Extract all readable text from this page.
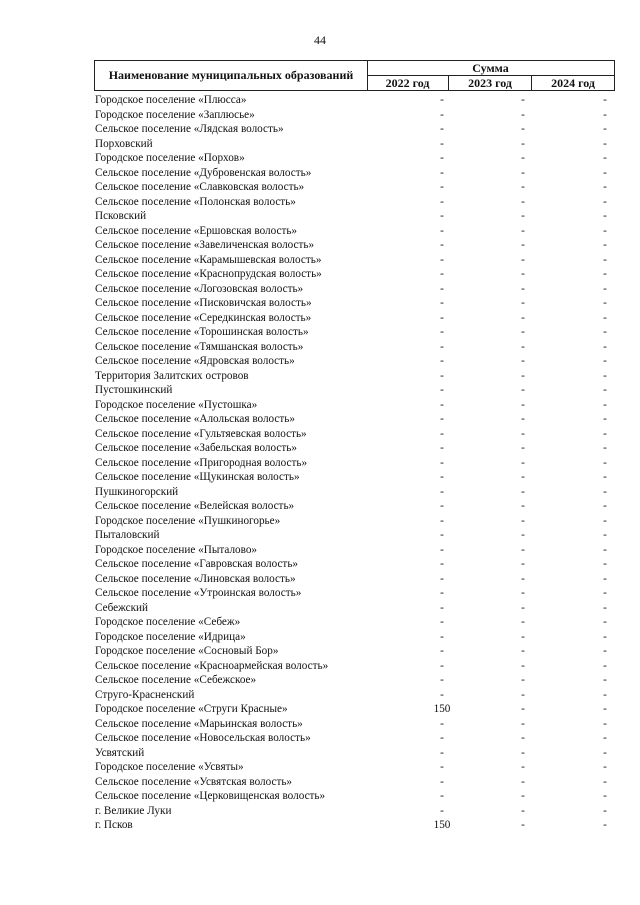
44
Наименование муниципальных образований
Сумма
2022 год	2023 год	2024 год
Городское поселение «Плюсса»	-	-	-
Городское поселение «Заплюсье»	-	-	-
Сельское поселение «Лядская волость»	-	-	-
Порховский	-	-	-
Городское поселение «Порхов»	-	-	-
Сельское поселение «Дубровенская волость»	-	-	-
Сельское поселение «Славковская волость»	-	-	-
Сельское поселение «Полонская волость»	-	-	-
Псковский	-	-	-
Сельское поселение «Ершовская волость»	-	-	-
Сельское поселение «Завеличенская волость»	-	-	-
Сельское поселение «Карамышевская волость»	-	-	-
Сельское поселение «Краснопрудская волость»	-	-	-
Сельское поселение «Логозовская волость»	-	-	-
Сельское поселение «Писковичская волость»	-	-	-
Сельское поселение «Середкинская волость»	-	-	-
Сельское поселение «Торошинская волость»	-	-	-
Сельское поселение «Тямшанская волость»	-	-	-
Сельское поселение «Ядровская волость»	-	-	-
Территория Залитских островов	-	-	-
Пустошкинский	-	-	-
Городское поселение «Пустошка»	-	-	-
Сельское поселение «Алольская волость»	-	-	-
Сельское поселение «Гультяевская волость»	-	-	-
Сельское поселение «Забельская волость»	-	-	-
Сельское поселение «Пригородная волость»	-	-	-
Сельское поселение «Щукинская волость»	-	-	-
Пушкиногорский	-	-	-
Сельское поселение «Велейская волость»	-	-	-
Городское поселение «Пушкиногорье»	-	-	-
Пыталовский	-	-	-
Городское поселение «Пыталово»	-	-	-
Сельское поселение «Гавровская волость»	-	-	-
Сельское поселение «Линовская волость»	-	-	-
Сельское поселение «Утроинская волость»	-	-	-
Себежский	-	-	-
Городское поселение «Себеж»	-	-	-
Городское поселение «Идрица»	-	-	-
Городское поселение «Сосновый Бор»	-	-	-
Сельское поселение «Красноармейская волость»	-	-	-
Сельское поселение «Себежское»	-	-	-
Струго-Красненский	-	-	-
Городское поселение «Струги Красные»	150	-	-
Сельское поселение «Марьинская волость»	-	-	-
Сельское поселение «Новосельская волость»	-	-	-
Усвятский	-	-	-
Городское поселение «Усвяты»	-	-	-
Сельское поселение «Усвятская волость»	-	-	-
Сельское поселение «Церковищенская волость»	-	-	-
г. Великие Луки	-	-	-
г. Псков	150	-	-
